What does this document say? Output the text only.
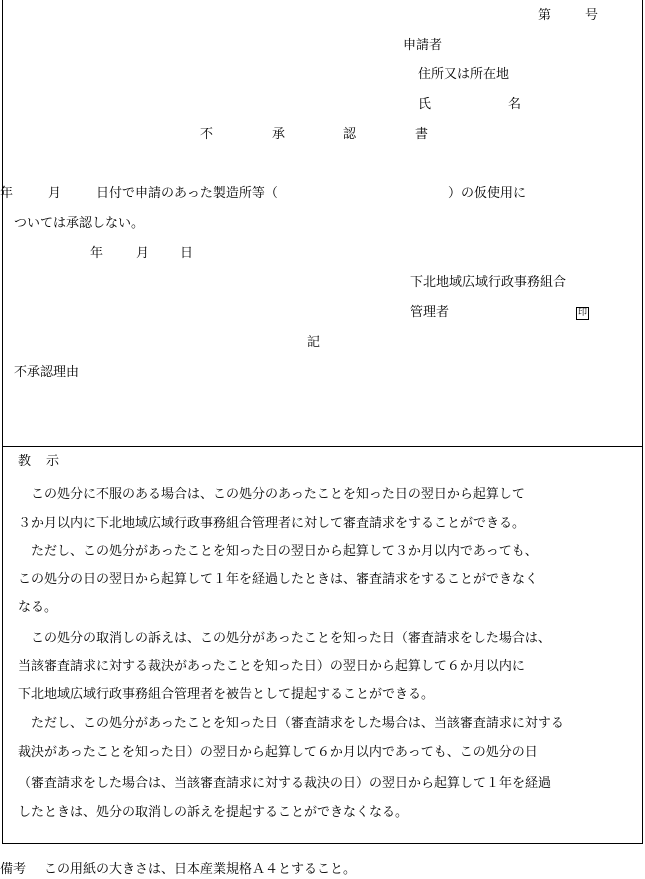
第	号
申請者
住所又は所在地
氏	名
不	承	認	書
年	月	日付で申請のあった製造所等（	）の仮使用に
ついては承認しない。
年	月 日
下北地域広域行政事務組合
管理者	印
記
不承認理由
教 示
　この処分に不服のある場合は、この処分のあったことを知った日の翌日から起算して
３か月以内に下北地域広域行政事務組合管理者に対して審査請求をすることができる。
　ただし、この処分があったことを知った日の翌日から起算して３か月以内であっても、
この処分の日の翌日から起算して１年を経過したときは、審査請求をすることができなく
なる。
　この処分の取消しの訴えは、この処分があったことを知った日（審査請求をした場合は、
当該審査請求に対する裁決があったことを知った日）の翌日から起算して６か月以内に
下北地域広域行政事務組合管理者を被告として提起することができる。
　ただし、この処分があったことを知った日（審査請求をした場合は、当該審査請求に対する
裁決があったことを知った日）の翌日から起算して６か月以内であっても、この処分の日
（審査請求をした場合は、当該審査請求に対する裁決の日）の翌日から起算して１年を経過
したときは、処分の取消しの訴えを提起することができなくなる。
備考 この用紙の大きさは、日本産業規格Ａ４とすること。
